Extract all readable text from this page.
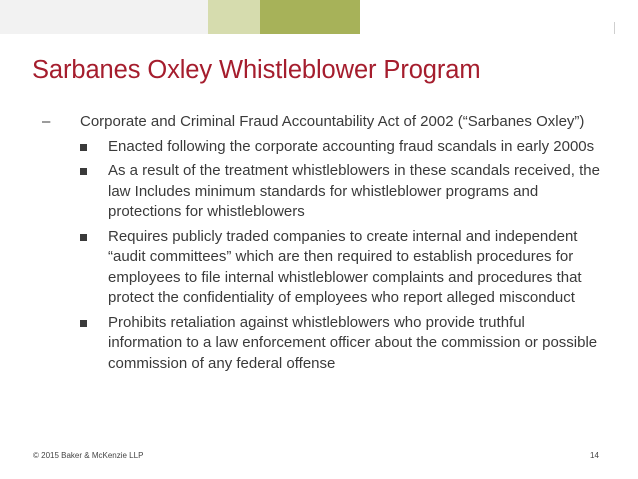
Sarbanes Oxley Whistleblower Program
– Corporate and Criminal Fraud Accountability Act of 2002 (“Sarbanes Oxley”)
Enacted following the corporate accounting fraud scandals in early 2000s
As a result of the treatment whistleblowers in these scandals received, the law Includes minimum standards for whistleblower programs and protections for whistleblowers
Requires publicly traded companies to create internal and independent “audit committees” which are then required to establish procedures for employees to file internal whistleblower complaints and procedures that protect the confidentiality of employees who report alleged misconduct
Prohibits retaliation against whistleblowers who provide truthful information to a law enforcement officer about the commission or possible commission of any federal offense
© 2015 Baker & McKenzie LLP	14
